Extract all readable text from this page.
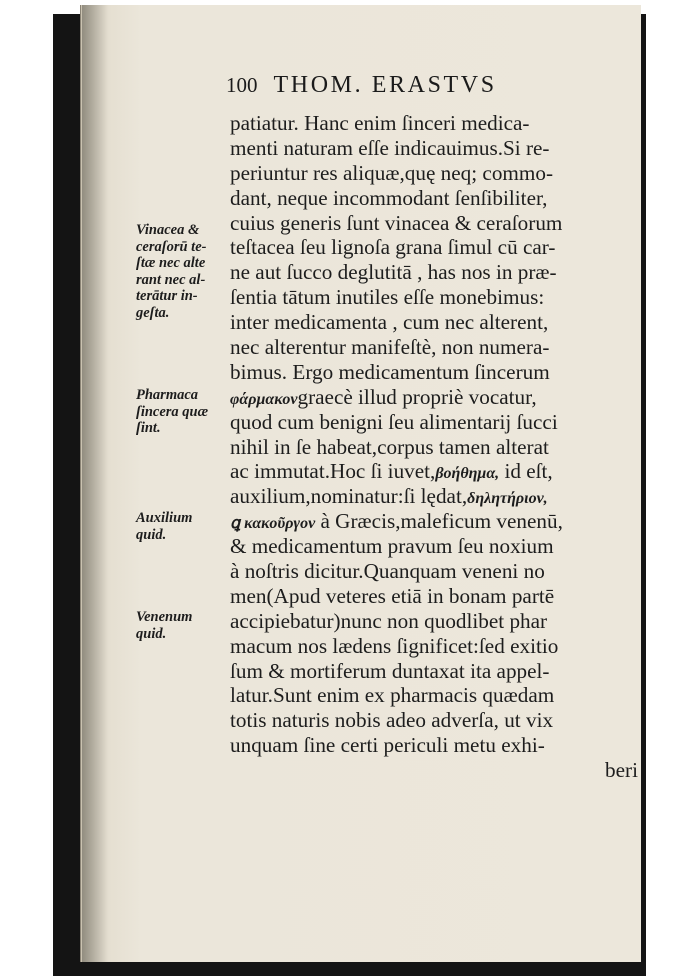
100 THOM. ERASTVS
patiatur. Hanc enim ſinceri medica-
menti naturam eſſe indicauimus.Si re-
periuntur res aliquæ,quę neq; commo-
dant, neque incommodant ſenſibiliter,
cuius generis ſunt vinacea & ceraſorum
teſtacea ſeu lignoſa grana ſimul cū car-
ne aut ſucco deglutitā , has nos in præ-
ſentia tātum inutiles eſſe monebimus:
inter medicamenta , cum nec alterent,
nec alterentur manifeſtè, non numera-
bimus. Ergo medicamentum ſincerum
φάρμακονgraecè illud propriè vocatur,
quod cum benigni ſeu alimentarij ſucci
nihil in ſe habeat,corpus tamen alterat
ac immutat.Hoc ſi iuvet,βοήθημα, id eſt,
auxilium,nominatur:ſi lędat,δηλητήριον,
ꝗ κακοῦργον à Græcis,maleficum venenū,
& medicamentum pravum ſeu noxium
à noſtris dicitur.Quanquam veneni no
men(Apud veteres etiā in bonam partē
accipiebatur)nunc non quodlibet phar
macum nos lædens ſignificet:ſed exitio
ſum & mortiferum duntaxat ita appel-
latur.Sunt enim ex pharmacis quædam
totis naturis nobis adeo adverſa, ut vix
unquam ſine certi periculi metu exhi-
beri
Vinacea &
ceraſorū te-
ſtæ nec alte
rant nec al-
terātur in-
geſta.
Pharmaca
ſincera quæ
ſint.
Auxilium
quid.
Venenum
quid.
